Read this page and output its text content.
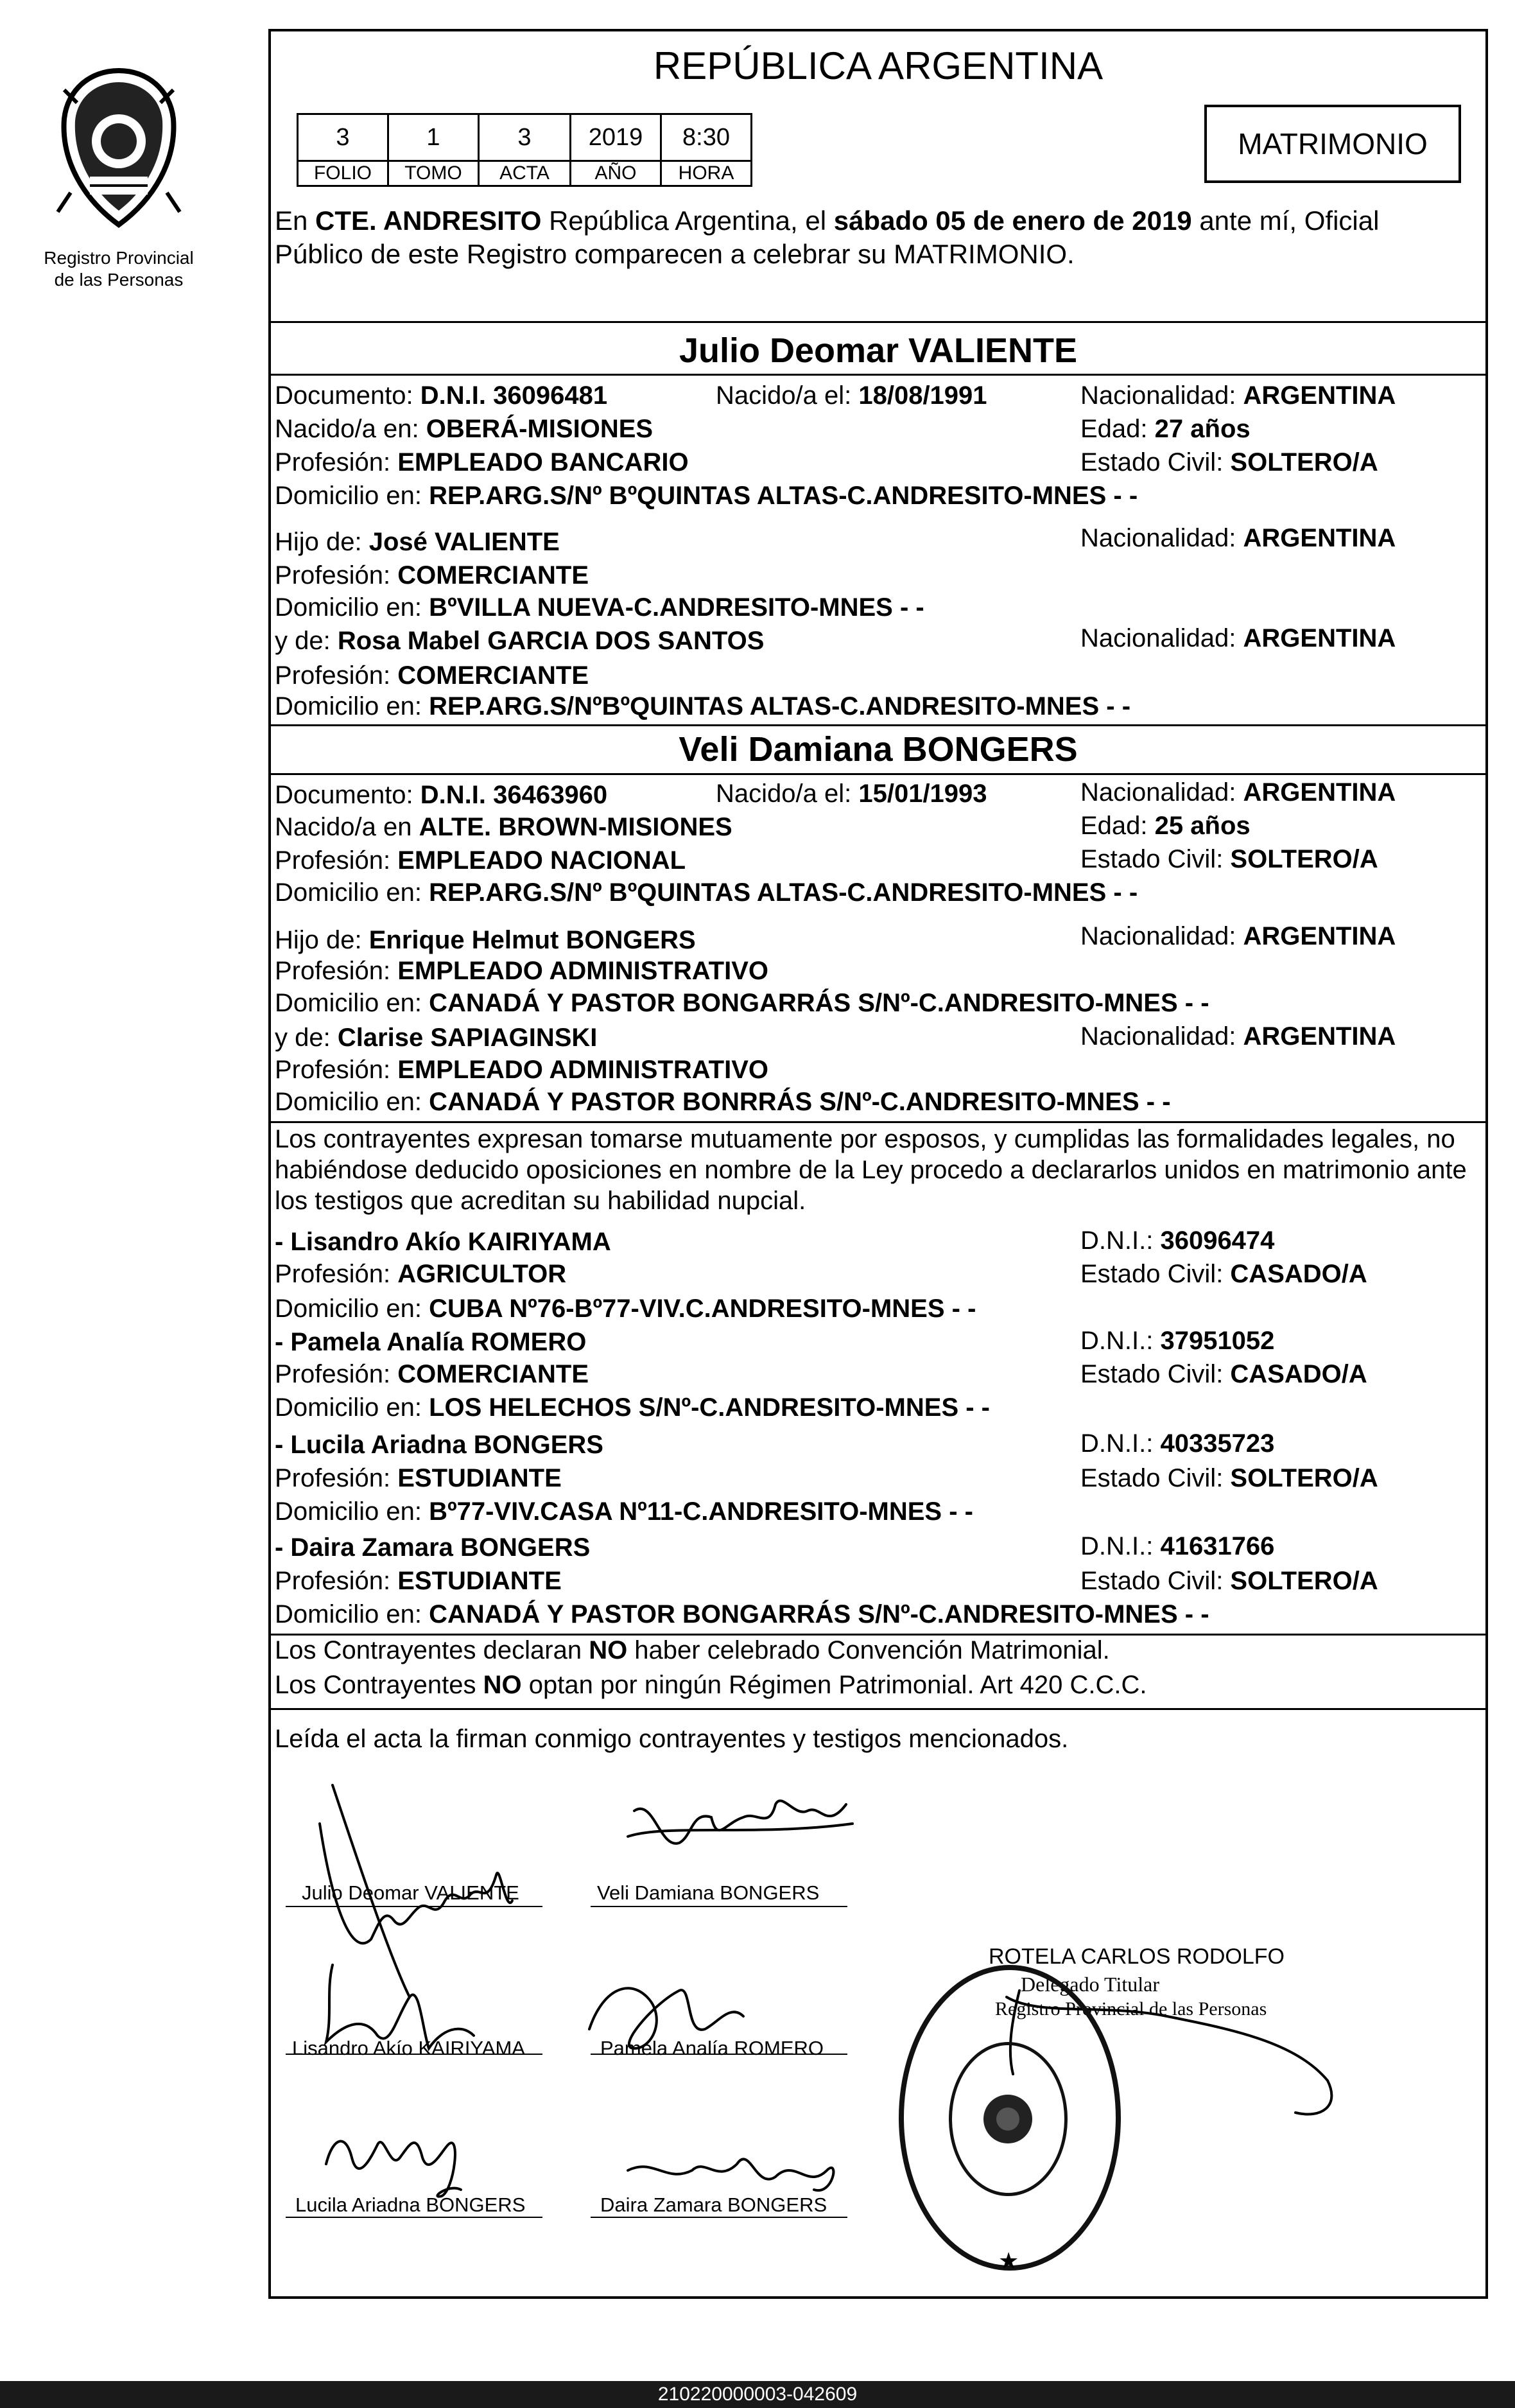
Registro Provincial
de las Personas
REPÚBLICA ARGENTINA
3	1	3	2019	8:30
FOLIO	TOMO	ACTA	AÑO	HORA
MATRIMONIO
En CTE. ANDRESITO República Argentina, el sábado 05 de enero de 2019 ante mí, Oficial
Público de este Registro comparecen a celebrar su MATRIMONIO.
Julio Deomar VALIENTE
Documento: D.N.I. 36096481	Nacido/a el: 18/08/1991	Nacionalidad: ARGENTINA
Nacido/a en: OBERÁ-MISIONES	Edad: 27 años
Profesión: EMPLEADO BANCARIO	Estado Civil: SOLTERO/A
Domicilio en: REP.ARG.S/Nº BºQUINTAS ALTAS-C.ANDRESITO-MNES - -
Hijo de: José VALIENTE	Nacionalidad: ARGENTINA
Profesión: COMERCIANTE
Domicilio en: BºVILLA NUEVA-C.ANDRESITO-MNES - -
y de: Rosa Mabel GARCIA DOS SANTOS	Nacionalidad: ARGENTINA
Profesión: COMERCIANTE
Domicilio en: REP.ARG.S/NºBºQUINTAS ALTAS-C.ANDRESITO-MNES - -
Veli Damiana BONGERS
Documento: D.N.I. 36463960	Nacido/a el: 15/01/1993	Nacionalidad: ARGENTINA
Nacido/a en ALTE. BROWN-MISIONES	Edad: 25 años
Profesión: EMPLEADO NACIONAL	Estado Civil: SOLTERO/A
Domicilio en: REP.ARG.S/Nº BºQUINTAS ALTAS-C.ANDRESITO-MNES - -
Hijo de: Enrique Helmut BONGERS	Nacionalidad: ARGENTINA
Profesión: EMPLEADO ADMINISTRATIVO
Domicilio en: CANADÁ Y PASTOR BONGARRÁS S/Nº-C.ANDRESITO-MNES - -
y de: Clarise SAPIAGINSKI	Nacionalidad: ARGENTINA
Profesión: EMPLEADO ADMINISTRATIVO
Domicilio en: CANADÁ Y PASTOR BONRRÁS S/Nº-C.ANDRESITO-MNES - -
Los contrayentes expresan tomarse mutuamente por esposos, y cumplidas las formalidades legales, no
habiéndose deducido oposiciones en nombre de la Ley procedo a declararlos unidos en matrimonio ante
los testigos que acreditan su habilidad nupcial.
- Lisandro Akío KAIRIYAMA	D.N.I.: 36096474
Profesión: AGRICULTOR	Estado Civil: CASADO/A
Domicilio en: CUBA Nº76-Bº77-VIV.C.ANDRESITO-MNES - -
- Pamela Analía ROMERO	D.N.I.: 37951052
Profesión: COMERCIANTE	Estado Civil: CASADO/A
Domicilio en: LOS HELECHOS S/Nº-C.ANDRESITO-MNES - -
- Lucila Ariadna BONGERS	D.N.I.: 40335723
Profesión: ESTUDIANTE	Estado Civil: SOLTERO/A
Domicilio en: Bº77-VIV.CASA Nº11-C.ANDRESITO-MNES - -
- Daira Zamara BONGERS	D.N.I.: 41631766
Profesión: ESTUDIANTE	Estado Civil: SOLTERO/A
Domicilio en: CANADÁ Y PASTOR BONGARRÁS S/Nº-C.ANDRESITO-MNES - -
Los Contrayentes declaran NO haber celebrado Convención Matrimonial.
Los Contrayentes NO optan por ningún Régimen Patrimonial. Art 420 C.C.C.
Leída el acta la firman conmigo contrayentes y testigos mencionados.
Julio Deomar VALIENTE	Veli Damiana BONGERS
Lisandro Akío KAIRIYAMA	Pamela Analía ROMERO
Lucila Ariadna BONGERS	Daira Zamara BONGERS
ROTELA CARLOS RODOLFO
Delegado Titular
Registro Provincial de las Personas
★
210220000003-042609
